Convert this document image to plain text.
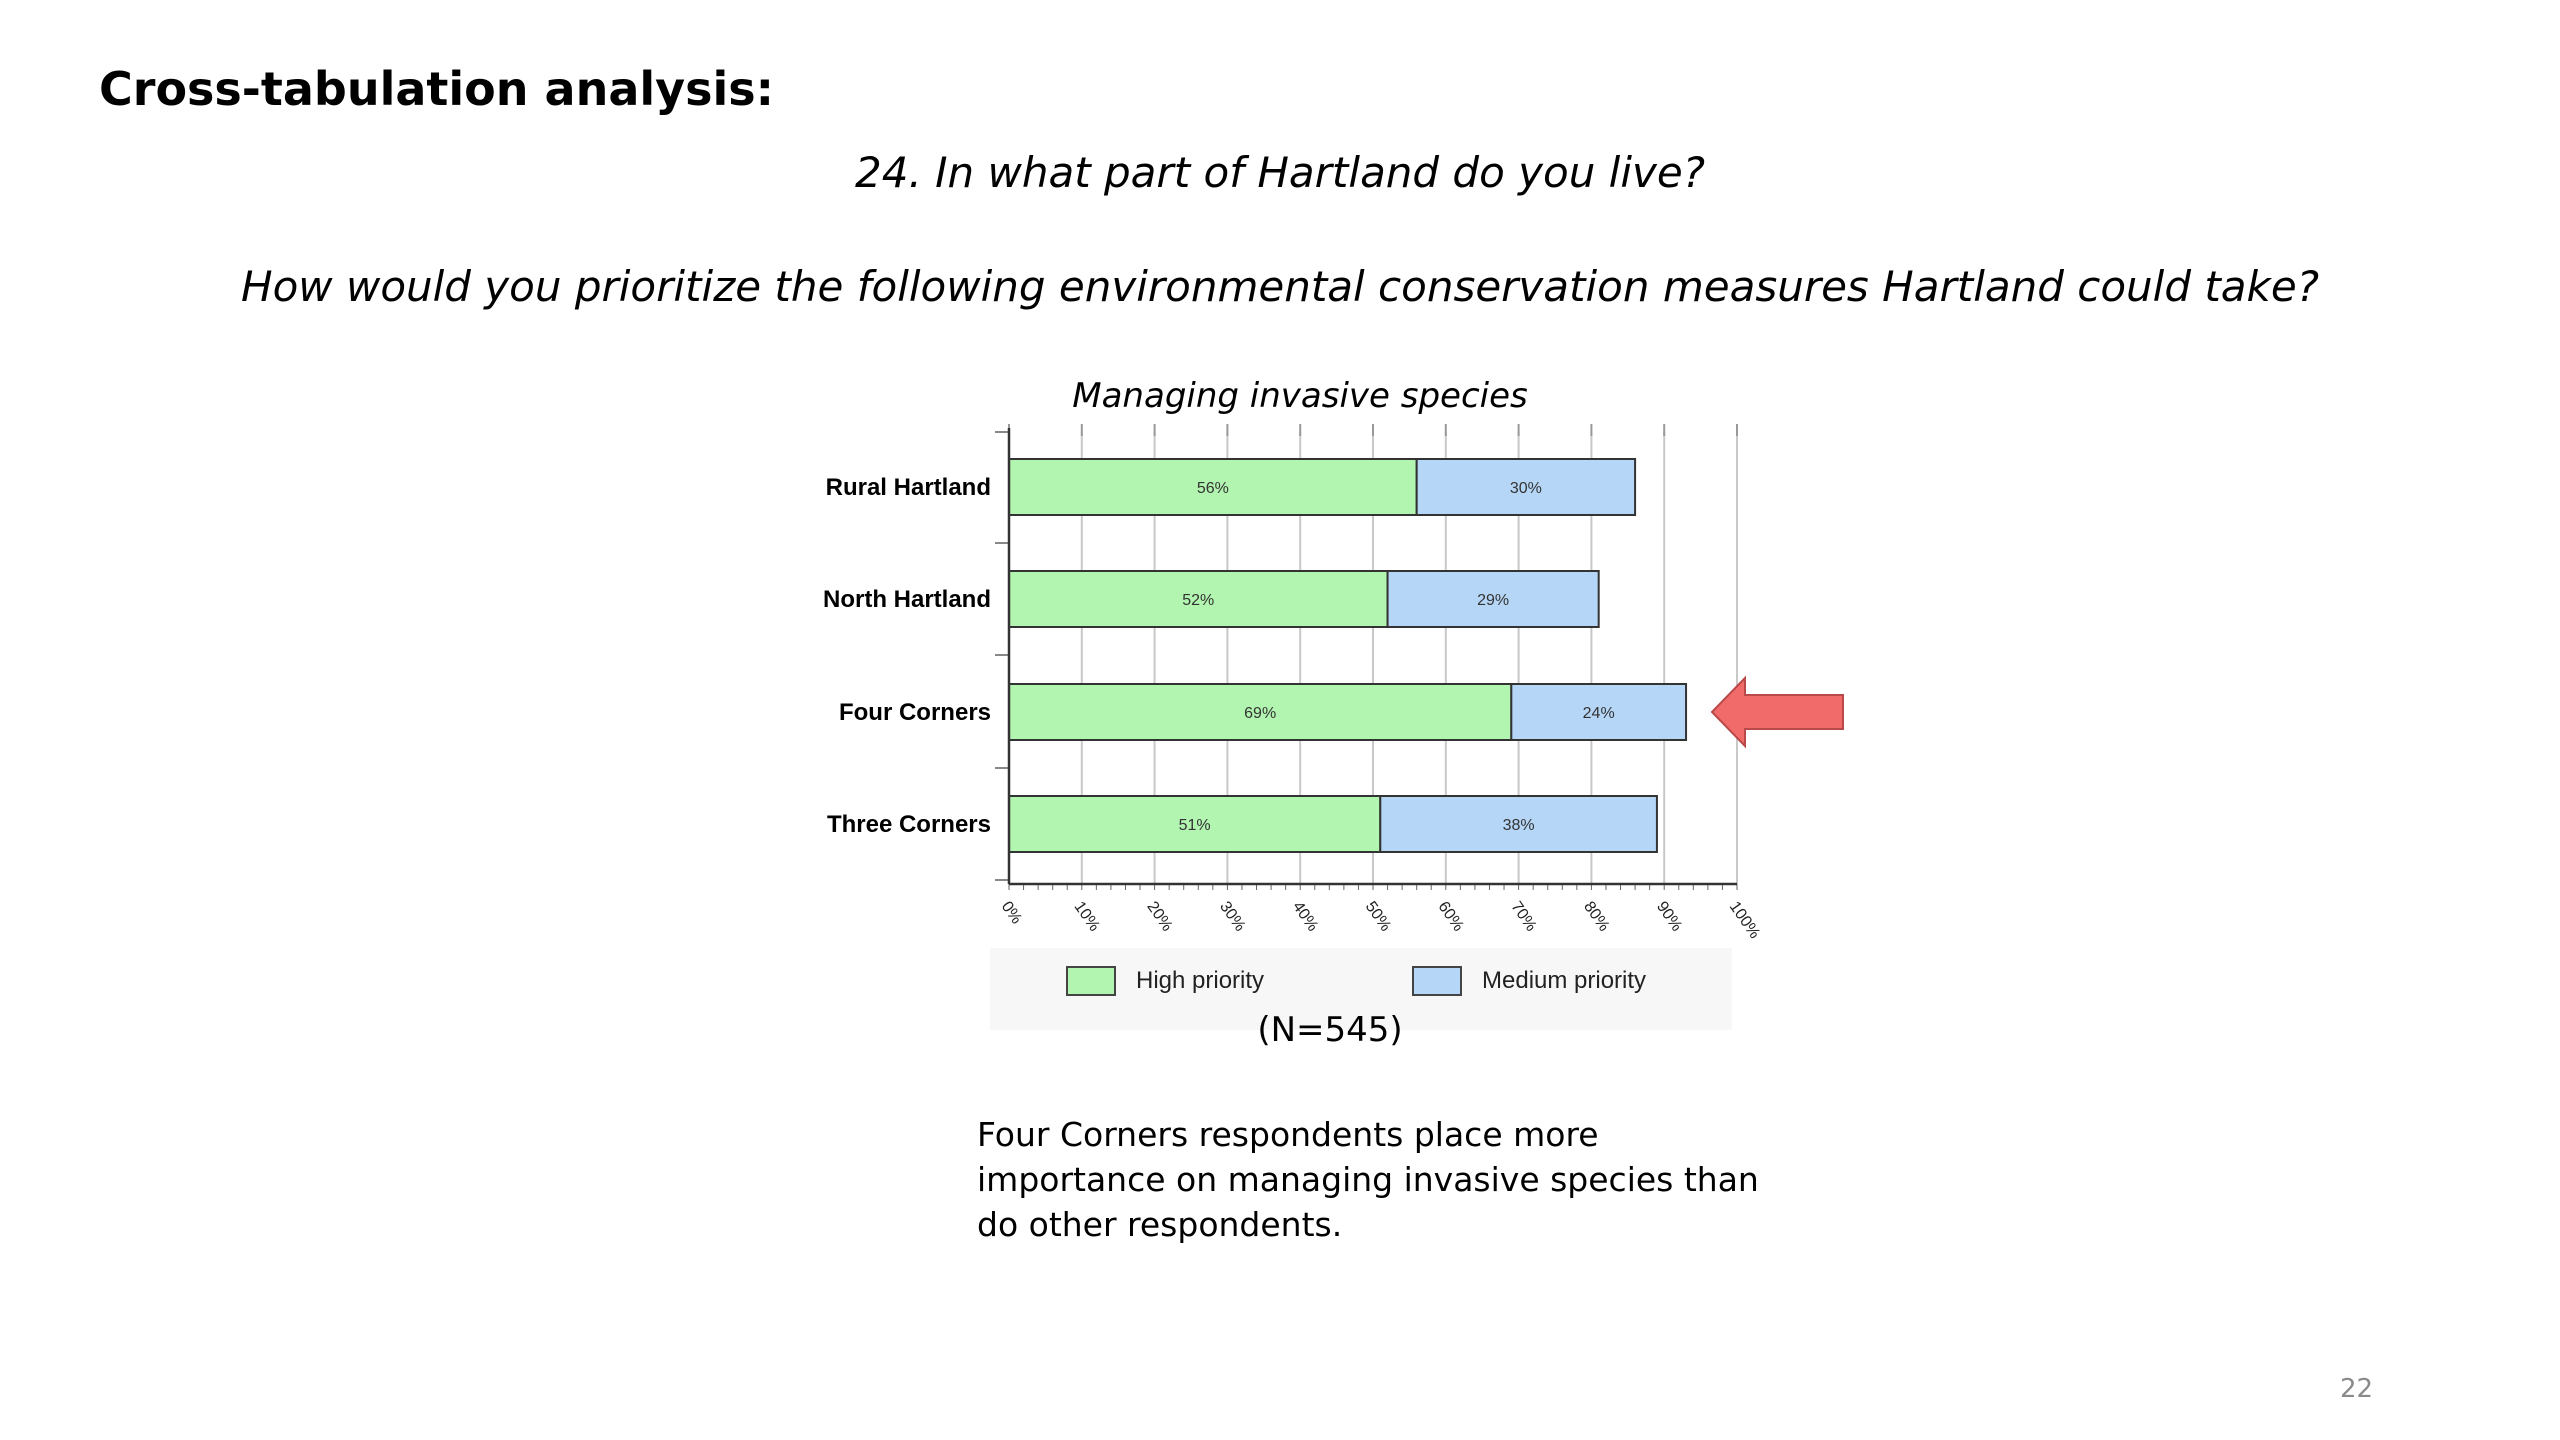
Cross-tabulation analysis:

24. In what part of Hartland do you live?

How would you prioritize the following environmental conservation measures Hartland could take?

Managing invasive species
56%	30%
Rural Hartland
52%	29%
North Hartland
69%	24%
Four Corners
51%	38%
Three Corners
0%	10%	20%	30%	40%	50%	60%	70%	80%	90%	100%
High priority	Medium priority
(N=545)

Four Corners respondents place more importance on managing invasive species than do other respondents.

22
